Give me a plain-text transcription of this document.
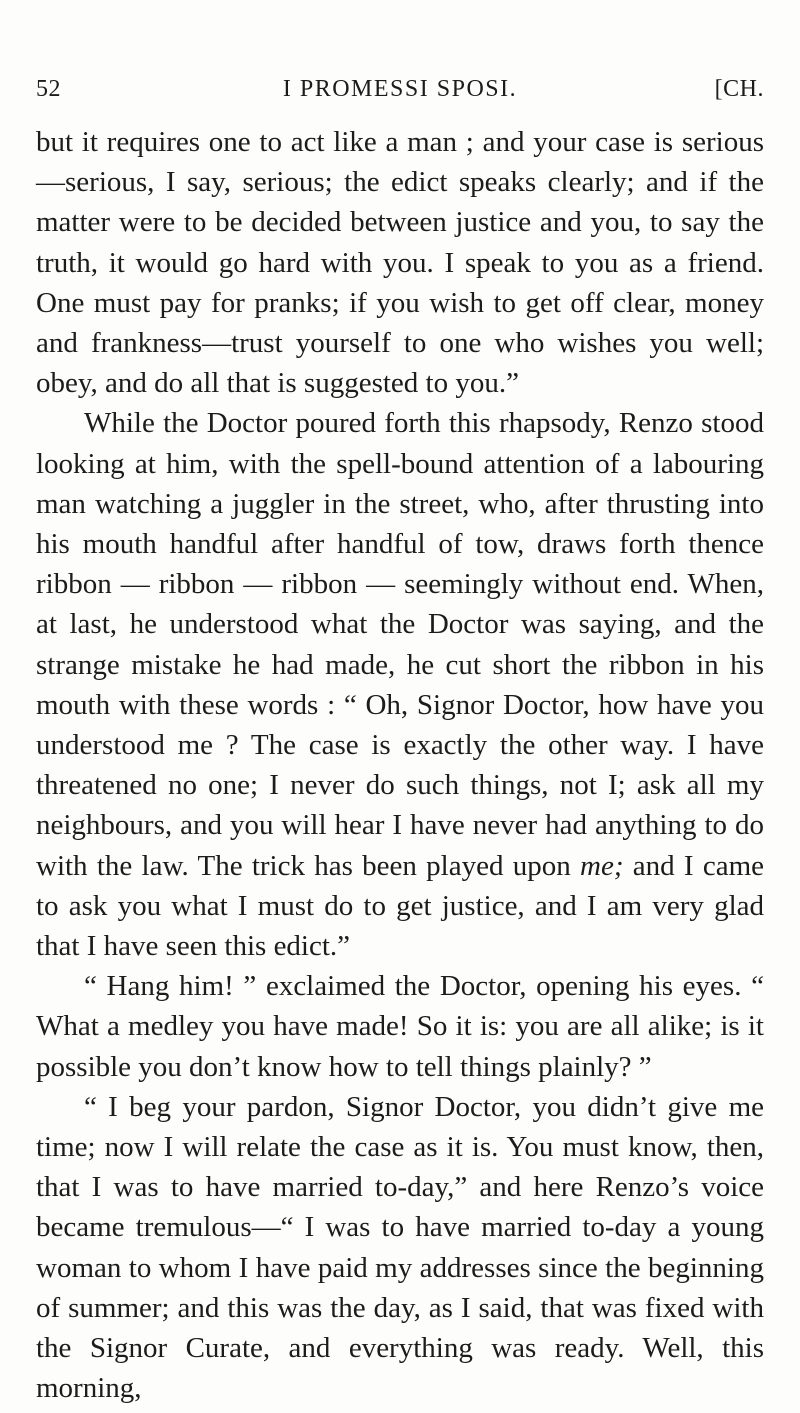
52	I PROMESSI SPOSI.	[CH.

but it requires one to act like a man ; and your case is serious—serious, I say, serious; the edict speaks clearly; and if the matter were to be decided between justice and you, to say the truth, it would go hard with you. I speak to you as a friend. One must pay for pranks; if you wish to get off clear, money and frankness—trust yourself to one who wishes you well; obey, and do all that is suggested to you.”

While the Doctor poured forth this rhapsody, Renzo stood looking at him, with the spell-bound attention of a labouring man watching a juggler in the street, who, after thrusting into his mouth handful after handful of tow, draws forth thence ribbon — ribbon — ribbon — seemingly without end. When, at last, he understood what the Doctor was saying, and the strange mistake he had made, he cut short the ribbon in his mouth with these words : “ Oh, Signor Doctor, how have you understood me ? The case is exactly the other way. I have threatened no one; I never do such things, not I; ask all my neighbours, and you will hear I have never had anything to do with the law. The trick has been played upon me; and I came to ask you what I must do to get justice, and I am very glad that I have seen this edict.”

“ Hang him! ” exclaimed the Doctor, opening his eyes. “ What a medley you have made! So it is: you are all alike; is it possible you don’t know how to tell things plainly? ”

“ I beg your pardon, Signor Doctor, you didn’t give me time; now I will relate the case as it is. You must know, then, that I was to have married to-day,” and here Renzo’s voice became tremulous—“ I was to have married to-day a young woman to whom I have paid my addresses since the beginning of summer; and this was the day, as I said, that was fixed with the Signor Curate, and everything was ready. Well, this morning,
